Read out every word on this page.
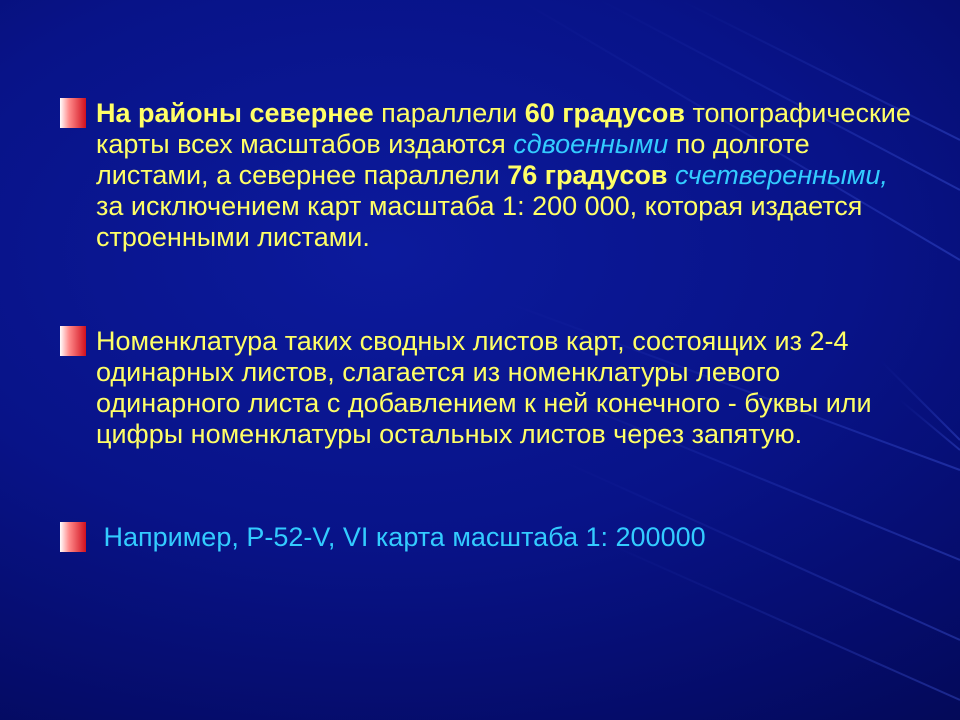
На районы севернее параллели 60 градусов топографические карты всех масштабов издаются сдвоенными по долготе листами, а севернее параллели 76 градусов счетверенными, за исключением карт масштаба 1: 200 000, которая издается строенными листами.

Номенклатура таких сводных листов карт, состоящих из 2-4 одинарных листов, слагается из номенклатуры левого одинарного листа с добавлением к ней конечного - буквы или цифры номенклатуры остальных листов через запятую.

Например, P-52-V, VI карта масштаба 1: 200000
